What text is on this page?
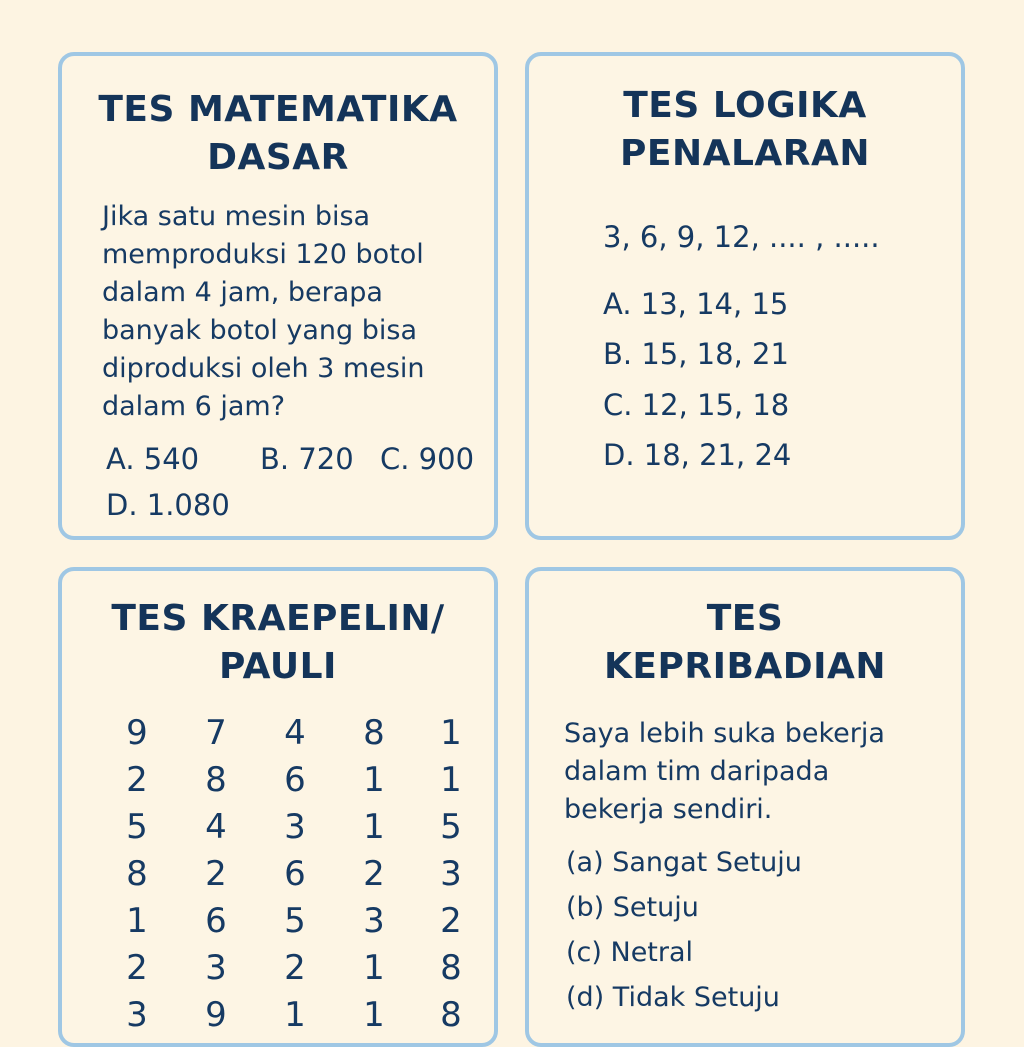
TES MATEMATIKA
DASAR
Jika satu mesin bisa
memproduksi 120 botol
dalam 4 jam, berapa
banyak botol yang bisa
diproduksi oleh 3 mesin
dalam 6 jam?
A. 540 B. 720 C. 900
D. 1.080
TES LOGIKA
PENALARAN
3, 6, 9, 12, .... , .....
A. 13, 14, 15
B. 15, 18, 21
C. 12, 15, 18
D. 18, 21, 24
TES KRAEPELIN/
PAULI
9 7 4 8 1
2 8 6 1 1
5 4 3 1 5
8 2 6 2 3
1 6 5 3 2
2 3 2 1 8
3 9 1 1 8
TES
KEPRIBADIAN
Saya lebih suka bekerja
dalam tim daripada
bekerja sendiri.
(a) Sangat Setuju
(b) Setuju
(c) Netral
(d) Tidak Setuju
